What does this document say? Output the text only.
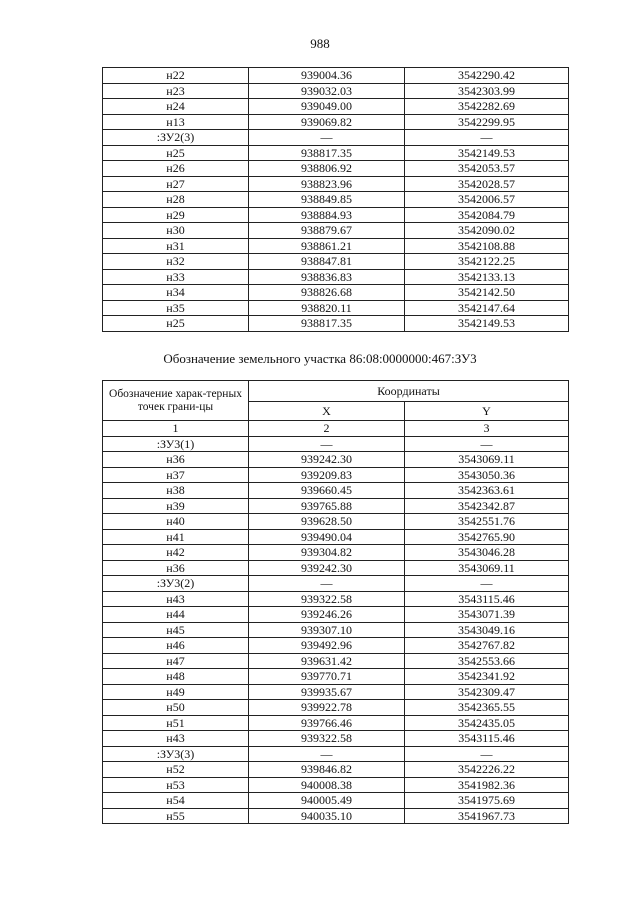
988
н22	939004.36	3542290.42
н23	939032.03	3542303.99
н24	939049.00	3542282.69
н13	939069.82	3542299.95
:ЗУ2(3)	—	—
н25	938817.35	3542149.53
н26	938806.92	3542053.57
н27	938823.96	3542028.57
н28	938849.85	3542006.57
н29	938884.93	3542084.79
н30	938879.67	3542090.02
н31	938861.21	3542108.88
н32	938847.81	3542122.25
н33	938836.83	3542133.13
н34	938826.68	3542142.50
н35	938820.11	3542147.64
н25	938817.35	3542149.53
Обозначение земельного участка 86:08:0000000:467:ЗУ3
Обозначение харак-терных точек грани-цы	Координаты	
	X	Y
1	2	3
:ЗУ3(1)	—	—
н36	939242.30	3543069.11
н37	939209.83	3543050.36
н38	939660.45	3542363.61
н39	939765.88	3542342.87
н40	939628.50	3542551.76
н41	939490.04	3542765.90
н42	939304.82	3543046.28
н36	939242.30	3543069.11
:ЗУ3(2)	—	—
н43	939322.58	3543115.46
н44	939246.26	3543071.39
н45	939307.10	3543049.16
н46	939492.96	3542767.82
н47	939631.42	3542553.66
н48	939770.71	3542341.92
н49	939935.67	3542309.47
н50	939922.78	3542365.55
н51	939766.46	3542435.05
н43	939322.58	3543115.46
:ЗУ3(3)	—	—
н52	939846.82	3542226.22
н53	940008.38	3541982.36
н54	940005.49	3541975.69
н55	940035.10	3541967.73
